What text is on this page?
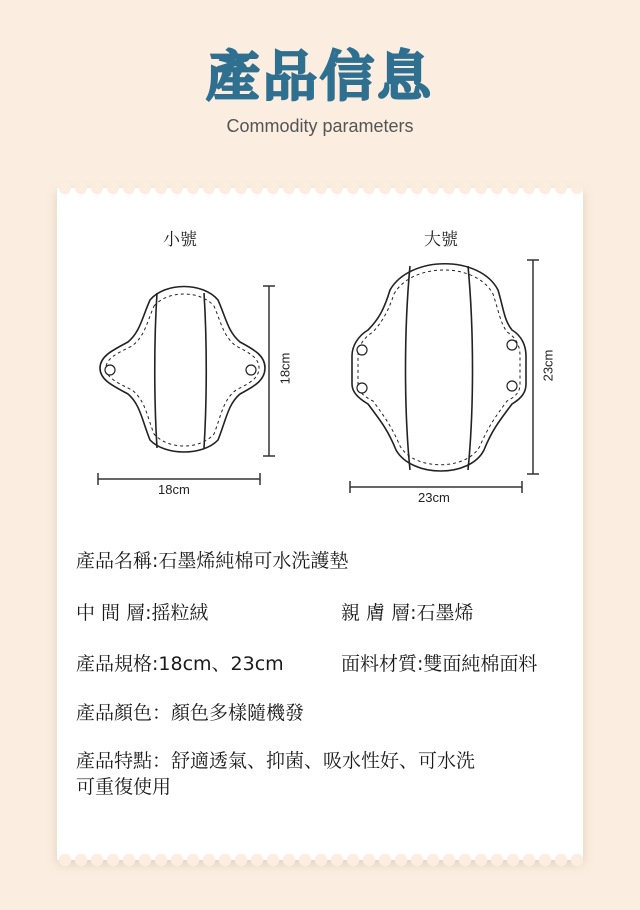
產品信息
Commodity parameters
小號	大號
18cm
18cm
23cm
23cm
產品名稱:石墨烯純棉可水洗護墊
中 間 層:摇粒絨	親 膚 層:石墨烯
產品規格:18cm、23cm	面料材質:雙面純棉面料
產品顏色：顏色多樣隨機發
產品特點：舒適透氣、抑菌、吸水性好、可水洗
可重復使用
